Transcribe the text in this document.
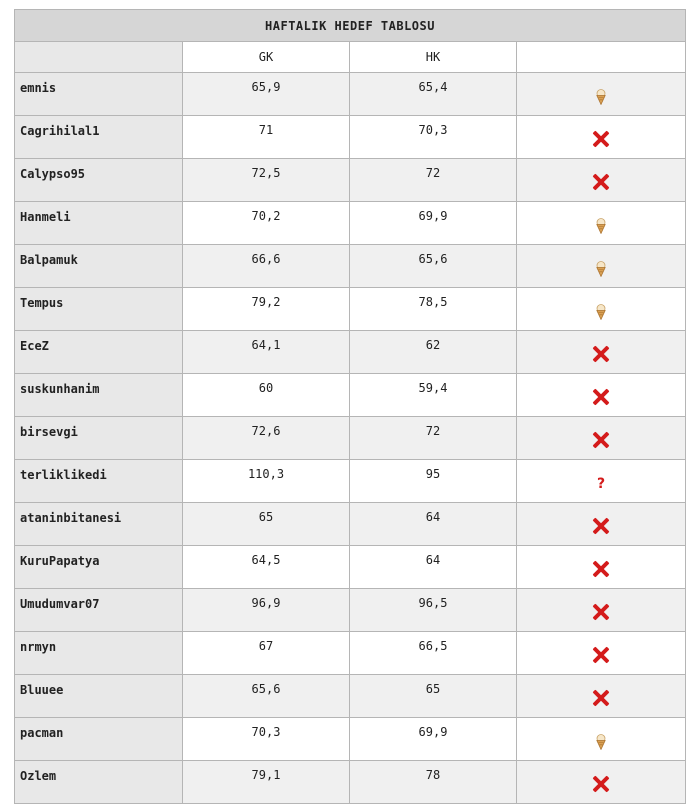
HAFTALIK HEDEF TABLOSU			
	GK	HK	
emnis	65,9	65,4	
Cagrihilal1	71	70,3	
Calypso95	72,5	72	
Hanmeli	70,2	69,9	
Balpamuk	66,6	65,6	
Tempus	79,2	78,5	
EceZ	64,1	62	
suskunhanim	60	59,4	
birsevgi	72,6	72	
terliklikedi	110,3	95	?
ataninbitanesi	65	64	
KuruPapatya	64,5	64	
Umudumvar07	96,9	96,5	
nrmyn	67	66,5	
Bluuee	65,6	65	
pacman	70,3	69,9	
Ozlem	79,1	78	
